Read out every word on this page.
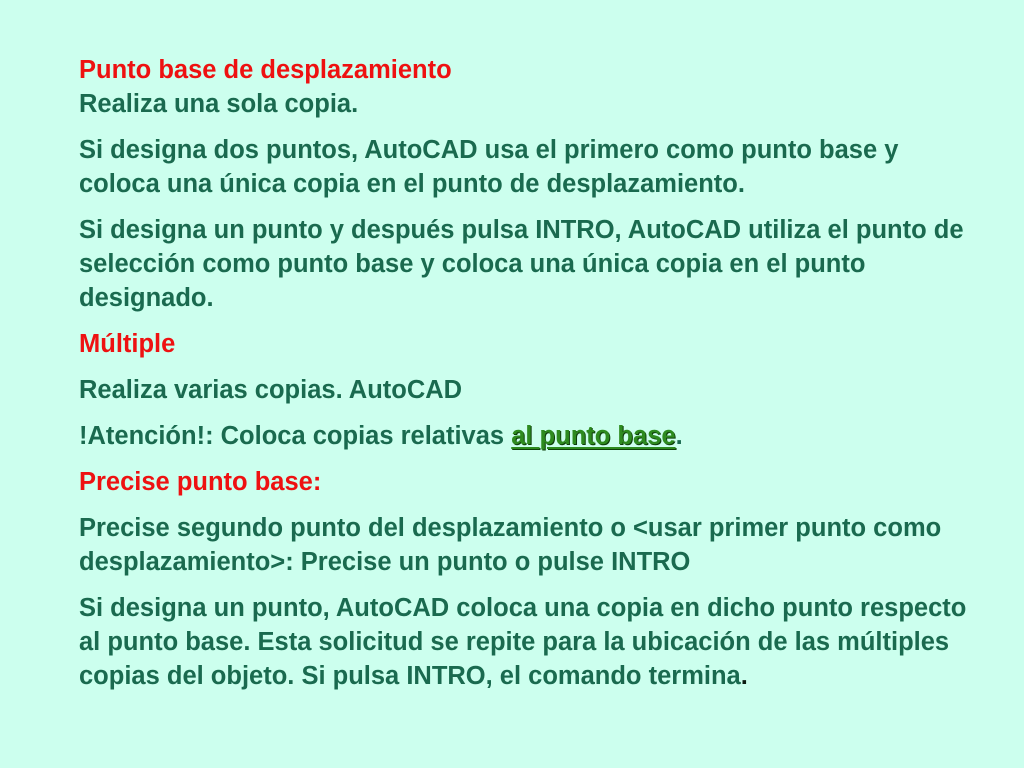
Punto base de desplazamiento

Realiza una sola copia.

Si designa dos puntos, AutoCAD usa el primero como punto base y coloca una única copia en el punto de desplazamiento.

Si designa un punto y después pulsa INTRO, AutoCAD utiliza el punto de selección como punto base y coloca una única copia en el punto designado.

Múltiple

Realiza varias copias. AutoCAD

!Atención!: Coloca copias relativas al punto base.

Precise punto base:

Precise segundo punto del desplazamiento o <usar primer punto como desplazamiento>: Precise un punto o pulse INTRO

Si designa un punto, AutoCAD coloca una copia en dicho punto respecto al punto base. Esta solicitud se repite para la ubicación de las múltiples copias del objeto. Si pulsa INTRO, el comando termina.
